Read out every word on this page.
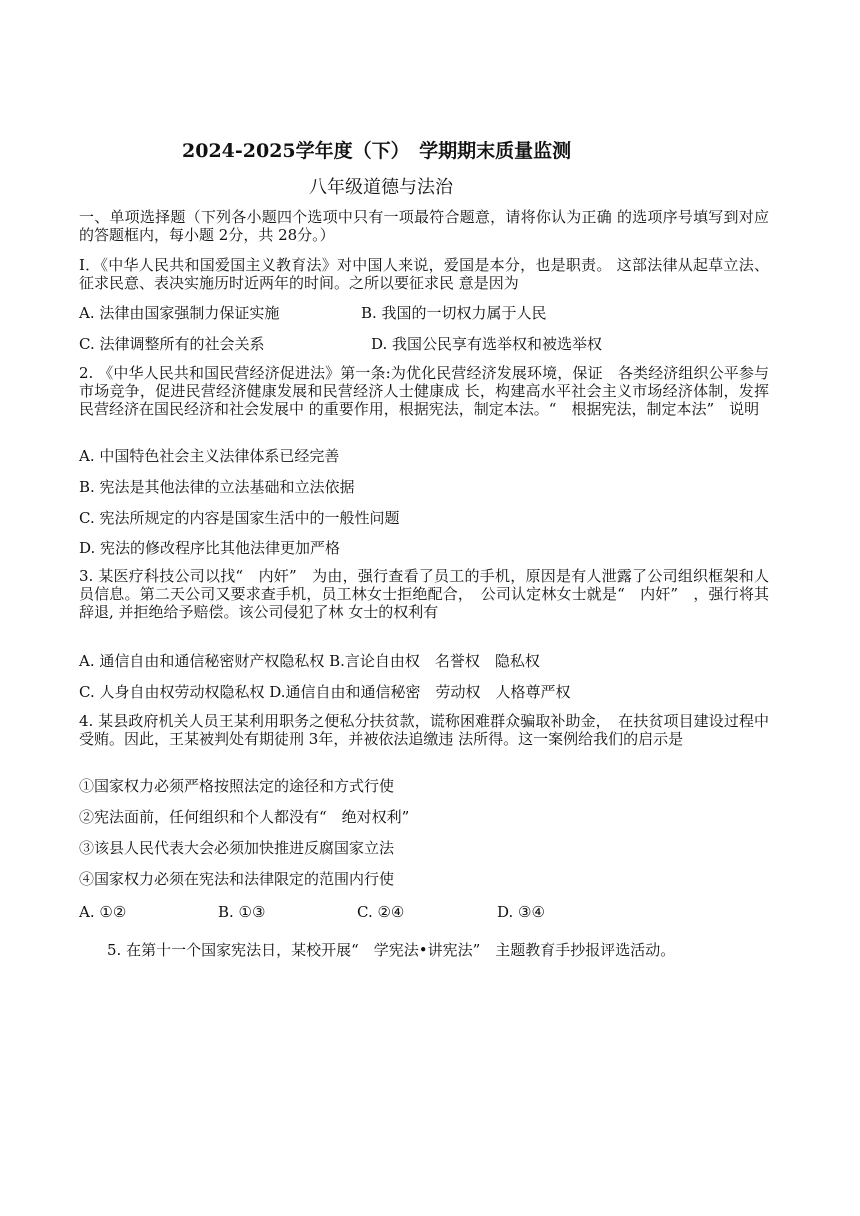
2024-2025学年度（下）　学期期末质量监测
八年级道德与法治

一、单项选择题（下列各小题四个选项中只有一项最符合题意，请将你认为正确 的选项序号填写到对应的答题框内，每小题 2分，共 28分。）

I．《中华人民共和国爱国主义教育法》对中国人来说，爱国是本分，也是职责。 这部法律从起草立法、征求民意、表决实施历时近两年的时间。之所以要征求民 意是因为

A. 法律由国家强制力保证实施	B. 我国的一切权力属于人民
C. 法律调整所有的社会关系	D. 我国公民享有选举权和被选举权

2. 《中华人民共和国民营经济促进法》第一条:为优化民营经济发展环境，保证　各类经济组织公平参与市场竞争，促进民营经济健康发展和民营经济人士健康成 长，构建高水平社会主义市场经济体制，发挥民营经济在国民经济和社会发展中 的重要作用，根据宪法，制定本法。“　根据宪法，制定本法”　说明

A. 中国特色社会主义法律体系已经完善
B. 宪法是其他法律的立法基础和立法依据
C. 宪法所规定的内容是国家生活中的一般性问题
D. 宪法的修改程序比其他法律更加严格

3. 某医疗科技公司以找“　内奸”　为由，强行查看了员工的手机，原因是有人泄露了公司组织框架和人员信息。第二天公司又要求查手机，员工林女士拒绝配合，　公司认定林女士就是“　内奸”　，强行将其辞退, 并拒绝给予赔偿。该公司侵犯了林 女士的权利有

A. 通信自由和通信秘密财产权隐私权 B.言论自由权　名誉权　隐私权
C. 人身自由权劳动权隐私权 D.通信自由和通信秘密　劳动权　人格尊严权

4. 某县政府机关人员王某利用职务之便私分扶贫款，谎称困难群众骗取补助金，　在扶贫项目建设过程中受贿。因此，王某被判处有期徒刑 3年，并被依法追缴违 法所得。这一案例给我们的启示是

①国家权力必须严格按照法定的途径和方式行使
②宪法面前，任何组织和个人都没有“　绝对权利”
③该县人民代表大会必须加快推进反腐国家立法
④国家权力必须在宪法和法律限定的范围内行使
A. ①②	B. ①③	C. ②④	D. ③④
5. 在第十一个国家宪法日，某校开展“　学宪法•讲宪法”　主题教育手抄报评选活动。
